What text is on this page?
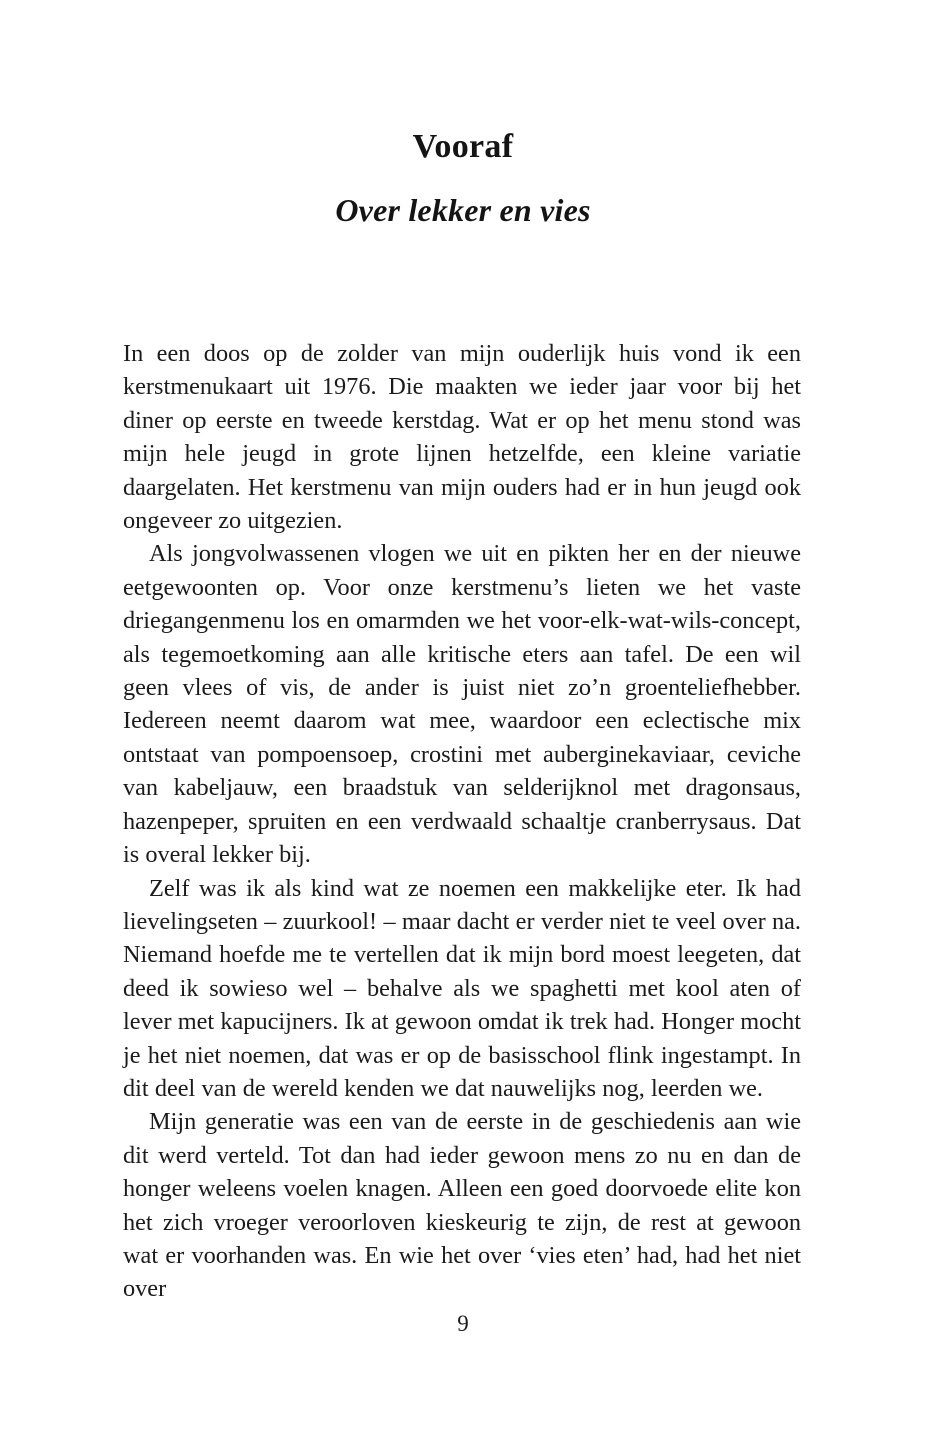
Vooraf
Over lekker en vies

In een doos op de zolder van mijn ouderlijk huis vond ik een kerstmenukaart uit 1976. Die maakten we ieder jaar voor bij het diner op eerste en tweede kerstdag. Wat er op het menu stond was mijn hele jeugd in grote lijnen hetzelfde, een kleine variatie daargelaten. Het kerstmenu van mijn ouders had er in hun jeugd ook ongeveer zo uitgezien.

Als jongvolwassenen vlogen we uit en pikten her en der nieuwe eetgewoonten op. Voor onze kerstmenu’s lieten we het vaste driegangenmenu los en omarmden we het voor-elk-wat-wils-concept, als tegemoetkoming aan alle kritische eters aan tafel. De een wil geen vlees of vis, de ander is juist niet zo’n groenteliefhebber. Iedereen neemt daarom wat mee, waardoor een eclectische mix ontstaat van pompoensoep, crostini met auberginekaviaar, ceviche van kabeljauw, een braadstuk van selderijknol met dragonsaus, hazenpeper, spruiten en een verdwaald schaaltje cranberrysaus. Dat is overal lekker bij.

Zelf was ik als kind wat ze noemen een makkelijke eter. Ik had lievelingseten – zuurkool! – maar dacht er verder niet te veel over na. Niemand hoefde me te vertellen dat ik mijn bord moest leegeten, dat deed ik sowieso wel – behalve als we spaghetti met kool aten of lever met kapucijners. Ik at gewoon omdat ik trek had. Honger mocht je het niet noemen, dat was er op de basisschool flink ingestampt. In dit deel van de wereld kenden we dat nauwelijks nog, leerden we.

Mijn generatie was een van de eerste in de geschiedenis aan wie dit werd verteld. Tot dan had ieder gewoon mens zo nu en dan de honger weleens voelen knagen. Alleen een goed doorvoede elite kon het zich vroeger veroorloven kieskeurig te zijn, de rest at gewoon wat er voorhanden was. En wie het over ‘vies eten’ had, had het niet over

9
